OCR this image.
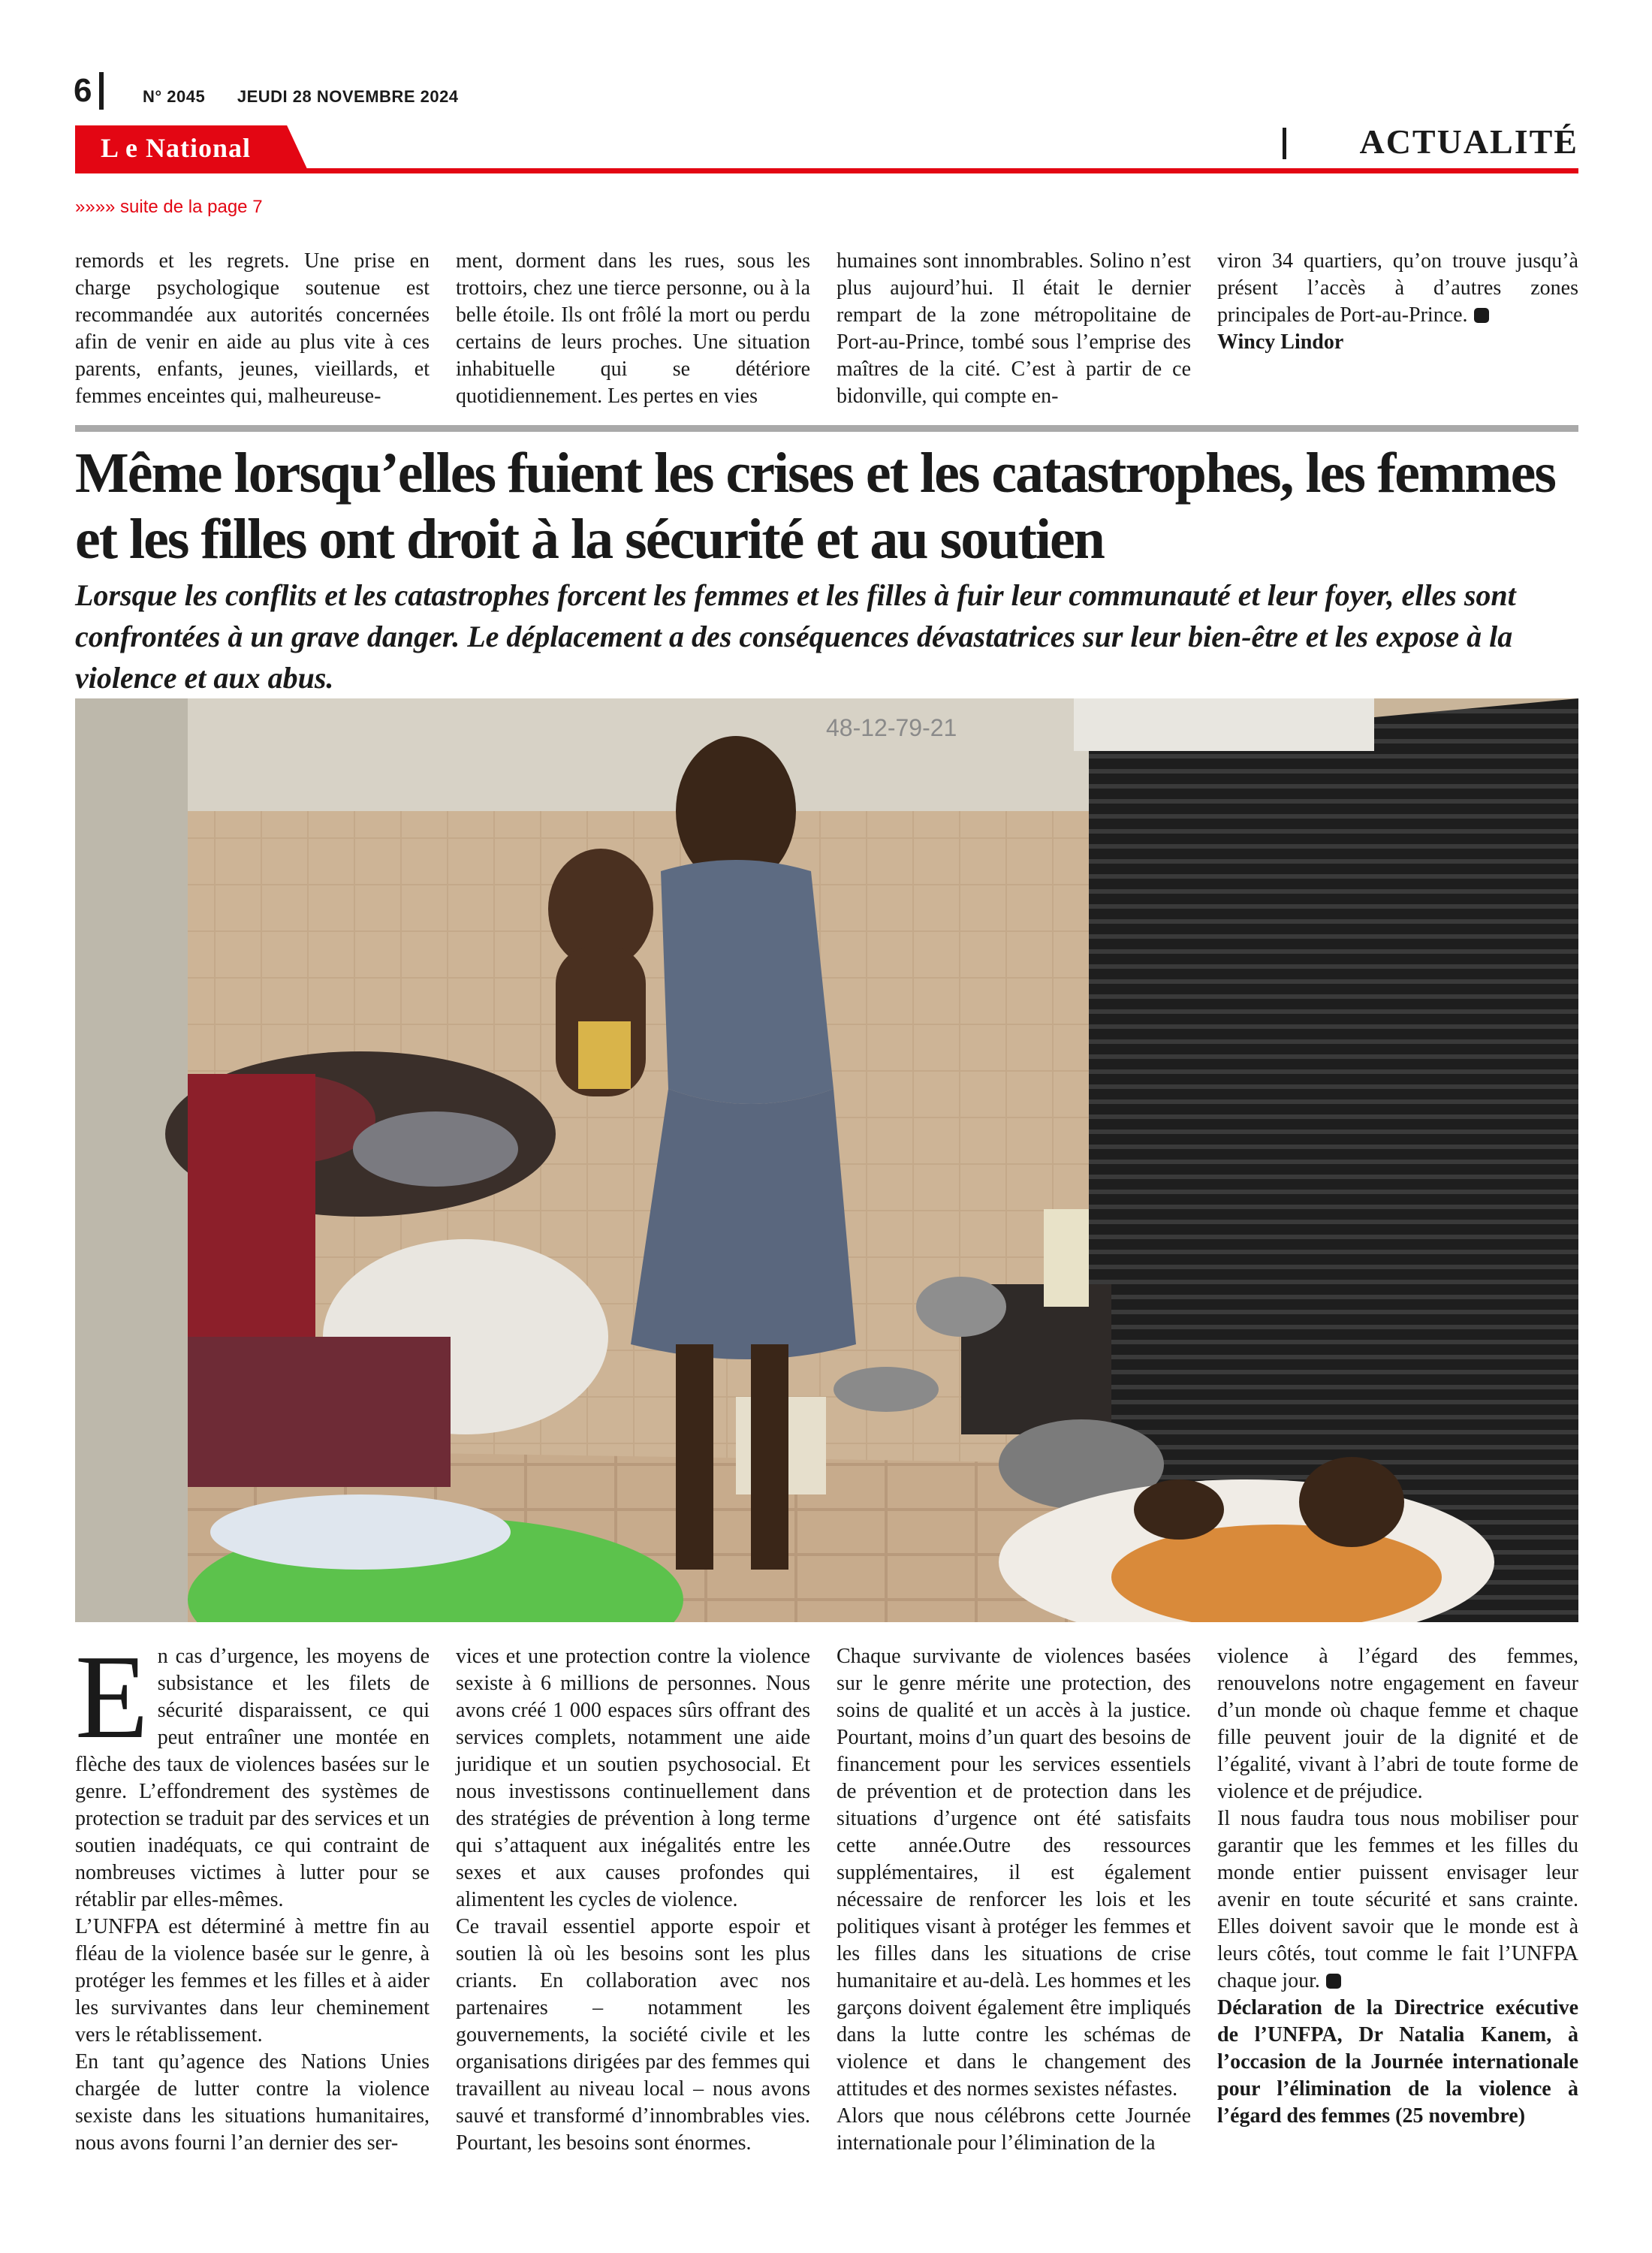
6	N° 2045 JEUDI 28 NOVEMBRE 2024
L e National	ACTUALITÉ
»»»» suite de la page 7

remords et les regrets. Une prise en charge psychologique soutenue est recommandée aux autorités concernées afin de venir en aide au plus vite à ces parents, enfants, jeunes, vieillards, et femmes enceintes qui, malheureuse-

ment, dorment dans les rues, sous les trottoirs, chez une tierce personne, ou à la belle étoile. Ils ont frôlé la mort ou perdu certains de leurs proches. Une situation inhabituelle qui se détériore quotidiennement. Les pertes en vies

humaines sont innombrables. Solino n’est plus aujourd’hui. Il était le dernier rempart de la zone métropolitaine de Port-au-Prince, tombé sous l’emprise des maîtres de la cité. C’est à partir de ce bidonville, qui compte en-

viron 34 quartiers, qu’on trouve jusqu’à présent l’accès à d’autres zones principales de Port-au-Prince.

Wincy Lindor

Même lorsqu’elles fuient les crises et les catastrophes, les femmes et les filles ont droit à la sécurité et au soutien
Lorsque les conflits et les catastrophes forcent les femmes et les filles à fuir leur communauté et leur foyer, elles sont confrontées à un grave danger. Le déplacement a des conséquences dévastatrices sur leur bien-être et les expose à la violence et aux abus.
48-12-79-21

En cas d’urgence, les moyens de subsistance et les filets de sécurité disparaissent, ce qui peut entraîner une montée en flèche des taux de violences basées sur le genre. L’effondrement des systèmes de protection se traduit par des services et un soutien inadéquats, ce qui contraint de nombreuses victimes à lutter pour se rétablir par elles-mêmes.

L’UNFPA est déterminé à mettre fin au fléau de la violence basée sur le genre, à protéger les femmes et les filles et à aider les survivantes dans leur cheminement vers le rétablissement.

En tant qu’agence des Nations Unies chargée de lutter contre la violence sexiste dans les situations humanitaires, nous avons fourni l’an dernier des ser-

vices et une protection contre la violence sexiste à 6 millions de personnes. Nous avons créé 1 000 espaces sûrs offrant des services complets, notamment une aide juridique et un soutien psychosocial. Et nous investissons continuellement dans des stratégies de prévention à long terme qui s’attaquent aux inégalités entre les sexes et aux causes profondes qui alimentent les cycles de violence.

Ce travail essentiel apporte espoir et soutien là où les besoins sont les plus criants. En collaboration avec nos partenaires – notamment les gouvernements, la société civile et les organisations dirigées par des femmes qui travaillent au niveau local – nous avons sauvé et transformé d’innombrables vies. Pourtant, les besoins sont énormes.

Chaque survivante de violences basées sur le genre mérite une protection, des soins de qualité et un accès à la justice. Pourtant, moins d’un quart des besoins de financement pour les services essentiels de prévention et de protection dans les situations d’urgence ont été satisfaits cette année.Outre des ressources supplémentaires, il est également nécessaire de renforcer les lois et les politiques visant à protéger les femmes et les filles dans les situations de crise humanitaire et au-delà. Les hommes et les garçons doivent également être impliqués dans la lutte contre les schémas de violence et dans le changement des attitudes et des normes sexistes néfastes.

Alors que nous célébrons cette Journée internationale pour l’élimination de la

violence à l’égard des femmes, renouvelons notre engagement en faveur d’un monde où chaque femme et chaque fille peuvent jouir de la dignité et de l’égalité, vivant à l’abri de toute forme de violence et de préjudice.

Il nous faudra tous nous mobiliser pour garantir que les femmes et les filles du monde entier puissent envisager leur avenir en toute sécurité et sans crainte. Elles doivent savoir que le monde est à leurs côtés, tout comme le fait l’UNFPA chaque jour.

Déclaration de la Directrice exécutive de l’UNFPA, Dr Natalia Kanem, à l’occasion de la Journée internationale pour l’élimination de la violence à l’égard des femmes (25 novembre)
